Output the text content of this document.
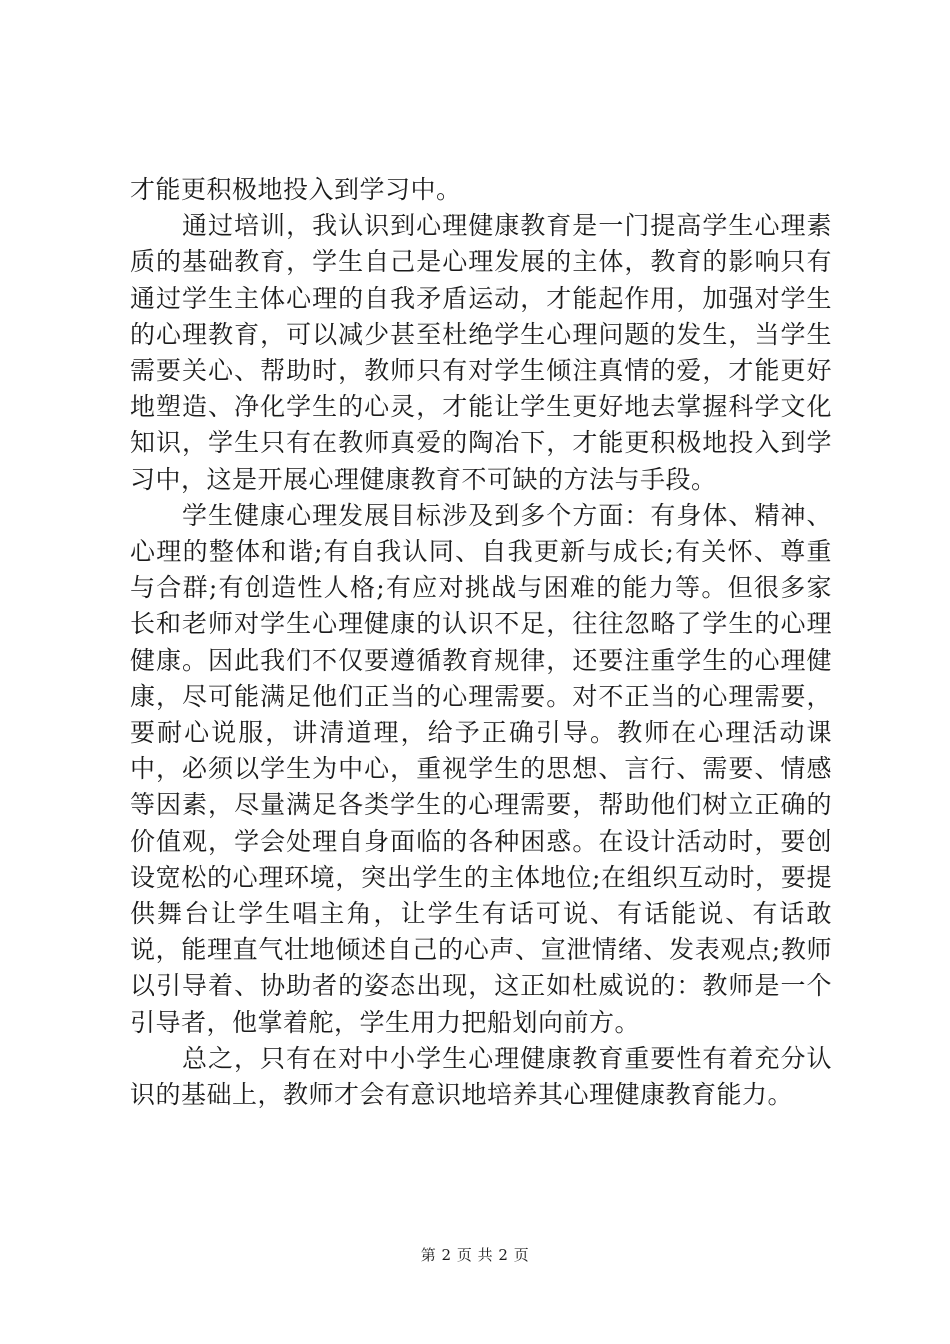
才能更积极地投入到学习中。

通过培训，我认识到心理健康教育是一门提高学生心理素质的基础教育，学生自己是心理发展的主体，教育的影响只有通过学生主体心理的自我矛盾运动，才能起作用，加强对学生的心理教育，可以减少甚至杜绝学生心理问题的发生，当学生需要关心、帮助时，教师只有对学生倾注真情的爱，才能更好地塑造、净化学生的心灵，才能让学生更好地去掌握科学文化知识，学生只有在教师真爱的陶冶下，才能更积极地投入到学习中，这是开展心理健康教育不可缺的方法与手段。

学生健康心理发展目标涉及到多个方面：有身体、精神、心理的整体和谐;有自我认同、自我更新与成长;有关怀、尊重与合群;有创造性人格;有应对挑战与困难的能力等。但很多家长和老师对学生心理健康的认识不足，往往忽略了学生的心理健康。因此我们不仅要遵循教育规律，还要注重学生的心理健康，尽可能满足他们正当的心理需要。对不正当的心理需要，要耐心说服，讲清道理，给予正确引导。教师在心理活动课中，必须以学生为中心，重视学生的思想、言行、需要、情感等因素，尽量满足各类学生的心理需要，帮助他们树立正确的价值观，学会处理自身面临的各种困惑。在设计活动时，要创设宽松的心理环境，突出学生的主体地位;在组织互动时，要提供舞台让学生唱主角，让学生有话可说、有话能说、有话敢说，能理直气壮地倾述自己的心声、宣泄情绪、发表观点;教师以引导着、协助者的姿态出现，这正如杜威说的：教师是一个引导者，他掌着舵，学生用力把船划向前方。

总之，只有在对中小学生心理健康教育重要性有着充分认识的基础上，教师才会有意识地培养其心理健康教育能力。

第 2 页 共 2 页
